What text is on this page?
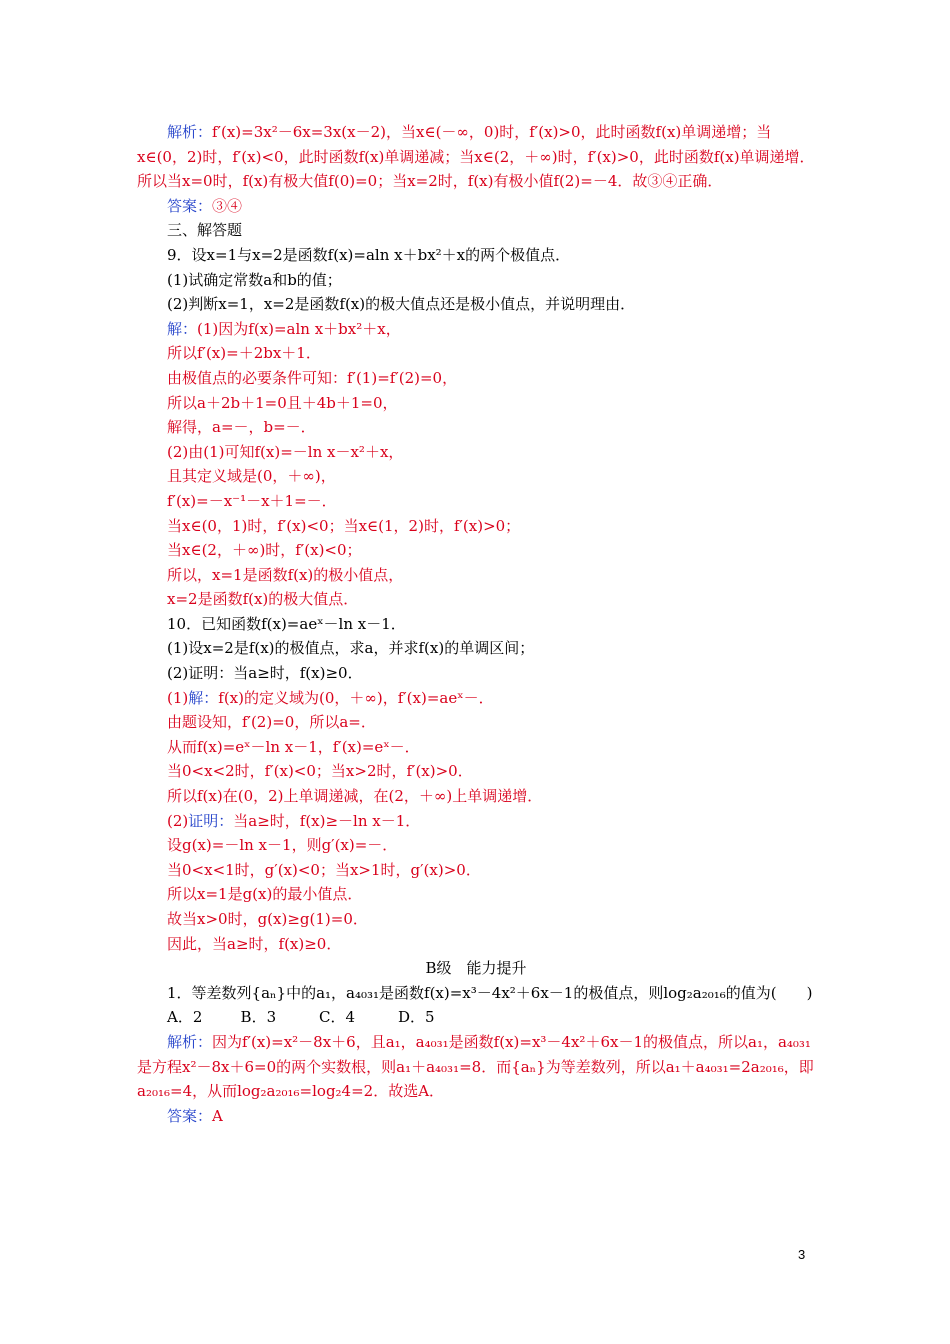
解析：f′(x)=3x²－6x=3x(x－2)，当x∈(－∞，0)时，f′(x)>0，此时函数f(x)单调递增；当x∈(0，2)时，f′(x)<0，此时函数f(x)单调递减；当x∈(2，＋∞)时，f′(x)>0，此时函数f(x)单调递增．所以当x=0时，f(x)有极大值f(0)=0；当x=2时，f(x)有极小值f(2)=－4．故③④正确．
答案：③④
三、解答题
9．设x=1与x=2是函数f(x)=aln x＋bx²＋x的两个极值点．
(1)试确定常数a和b的值；
(2)判断x=1，x=2是函数f(x)的极大值点还是极小值点，并说明理由．
解：(1)因为f(x)=aln x＋bx²＋x，
所以f′(x)=＋2bx＋1．
由极值点的必要条件可知：f′(1)=f′(2)=0，
所以a＋2b＋1=0且＋4b＋1=0，
解得，a=－，b=－．
(2)由(1)可知f(x)=－ln x－x²＋x，
且其定义域是(0，＋∞)，
f′(x)=－x⁻¹－x＋1=－．
当x∈(0，1)时，f′(x)<0；当x∈(1，2)时，f′(x)>0；
当x∈(2，＋∞)时，f′(x)<0；
所以，x=1是函数f(x)的极小值点，
x=2是函数f(x)的极大值点．
10．已知函数f(x)=aeˣ－ln x－1．
(1)设x=2是f(x)的极值点，求a，并求f(x)的单调区间；
(2)证明：当a≥时，f(x)≥0．
(1)解：f(x)的定义域为(0，＋∞)，f′(x)=aeˣ－．
由题设知，f′(2)=0，所以a=．
从而f(x)=eˣ－ln x－1，f′(x)=eˣ－．
当0<x<2时，f′(x)<0；当x>2时，f′(x)>0．
所以f(x)在(0，2)上单调递减，在(2，＋∞)上单调递增．
(2)证明：当a≥时，f(x)≥－ln x－1．
设g(x)=－ln x－1，则g′(x)=－．
当0<x<1时，g′(x)<0；当x>1时，g′(x)>0．
所以x=1是g(x)的最小值点．
故当x>0时，g(x)≥g(1)=0．
因此，当a≥时，f(x)≥0．
B级　能力提升
1．等差数列{aₙ}中的a₁，a₄₀₃₁是函数f(x)=x³－4x²＋6x－1的极值点，则log₂a₂₀₁₆的值为(　　)
A．2	B．3	C．4	D．5
解析：因为f′(x)=x²－8x＋6，且a₁，a₄₀₃₁是函数f(x)=x³－4x²＋6x－1的极值点，所以a₁，a₄₀₃₁是方程x²－8x＋6=0的两个实数根，则a₁＋a₄₀₃₁=8．而{aₙ}为等差数列，所以a₁＋a₄₀₃₁=2a₂₀₁₆，即a₂₀₁₆=4，从而log₂a₂₀₁₆=log₂4=2．故选A．
答案：A
3
